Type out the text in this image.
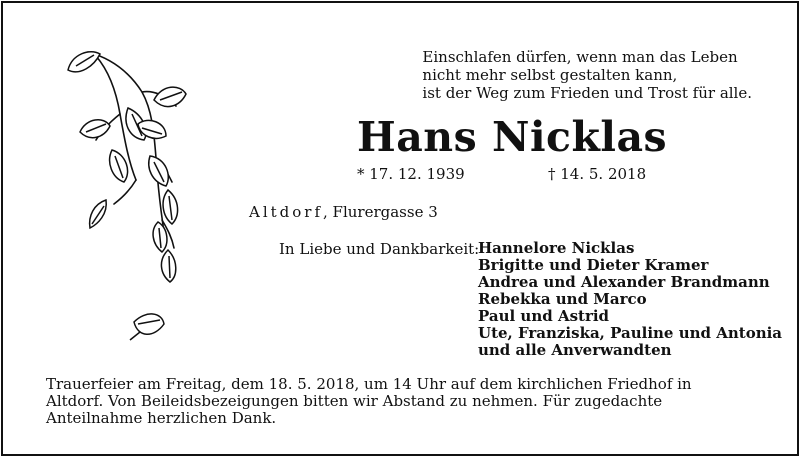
Einschlafen dürfen, wenn man das Leben
nicht mehr selbst gestalten kann,
ist der Weg zum Frieden und Trost für alle.
Hans Nicklas
* 17. 12. 1939	† 14. 5. 2018
Altdorf, Flurergasse 3
In Liebe und Dankbarkeit:
Hannelore Nicklas
Brigitte und Dieter Kramer
Andrea und Alexander Brandmann
Rebekka und Marco
Paul und Astrid
Ute, Franziska, Pauline und Antonia
und alle Anverwandten
Trauerfeier am Freitag, dem 18. 5. 2018, um 14 Uhr auf dem kirchlichen Friedhof in Altdorf. Von Beileidsbezeigungen bitten wir Abstand zu nehmen. Für zugedachte Anteilnahme herzlichen Dank.
